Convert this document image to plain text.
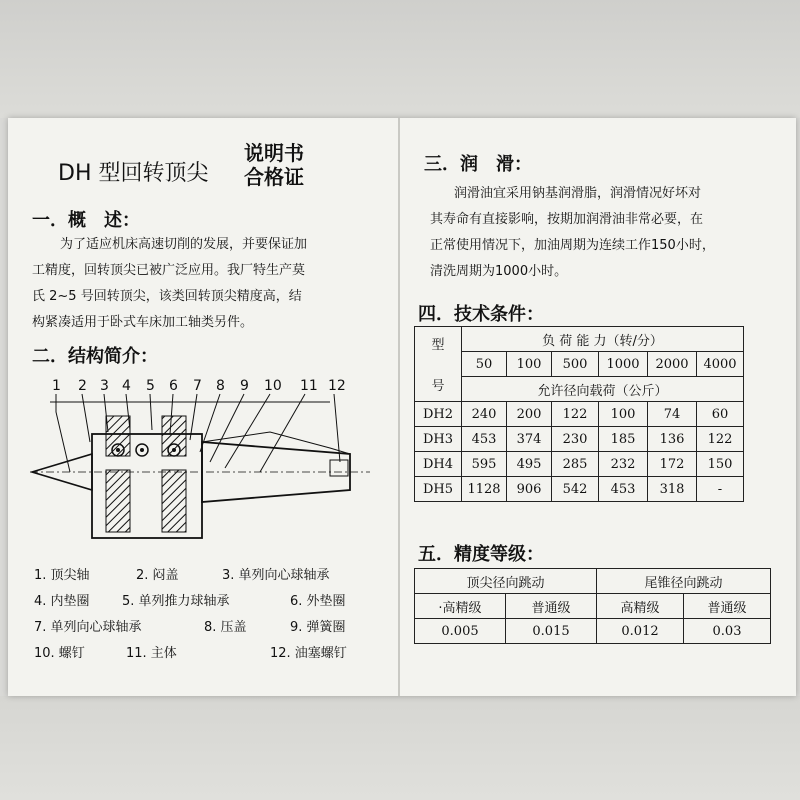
DH 型回转顶尖
说明书
合格证
一．概　述：
为了适应机床高速切削的发展，并要保证加
工精度，回转顶尖已被广泛应用。我厂特生产莫
氏 2~5 号回转顶尖，该类回转顶尖精度高，结
构紧凑适用于卧式车床加工轴类另件。
二．结构简介：
1 2 3 4 5 6 7 8 9 10 11 12
1. 顶尖轴	2. 闷盖	3. 单列向心球轴承
4. 内垫圈 5. 单列推力球轴承	6. 外垫圈
7. 单列向心球轴承	8. 压盖	9. 弹簧圈
10. 螺钉	11. 主体	12. 油塞螺钉
三．润　滑：
润滑油宜采用钠基润滑脂，润滑情况好坏对
其寿命有直接影响，按期加润滑油非常必要，在
正常使用情况下，加油周期为连续工作150小时，
清洗周期为1000小时。
四．技术条件：
型
号	负 荷 能 力（转/分）					
	50	100	500	1000	2000	4000
	允许径向载荷（公斤）					
DH2	240	200	122	100	74	60
DH3	453	374	230	185	136	122
DH4	595	495	285	232	172	150
DH5	1128	906	542	453	318	-
五．精度等级：
顶尖径向跳动		尾锥径向跳动	
·高精级	普通级	高精级	普通级
0.005	0.015	0.012	0.03
